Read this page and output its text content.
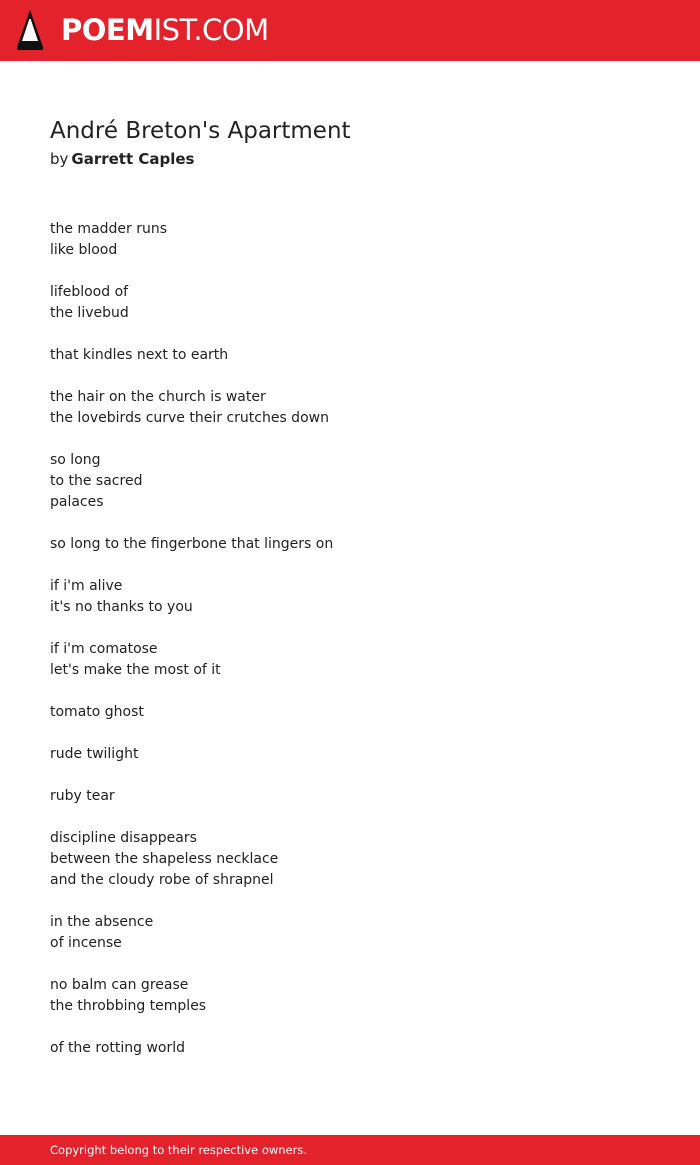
POEMIST.COM
André Breton's Apartment
by Garrett Caples
the madder runs
like blood
lifeblood of
the livebud
that kindles next to earth
the hair on the church is water
the lovebirds curve their crutches down
so long
to the sacred
palaces
so long to the fingerbone that lingers on
if i'm alive
it's no thanks to you
if i'm comatose
let's make the most of it
tomato ghost
rude twilight
ruby tear
discipline disappears
between the shapeless necklace
and the cloudy robe of shrapnel
in the absence
of incense
no balm can grease
the throbbing temples
of the rotting world
Copyright belong to their respective owners.
